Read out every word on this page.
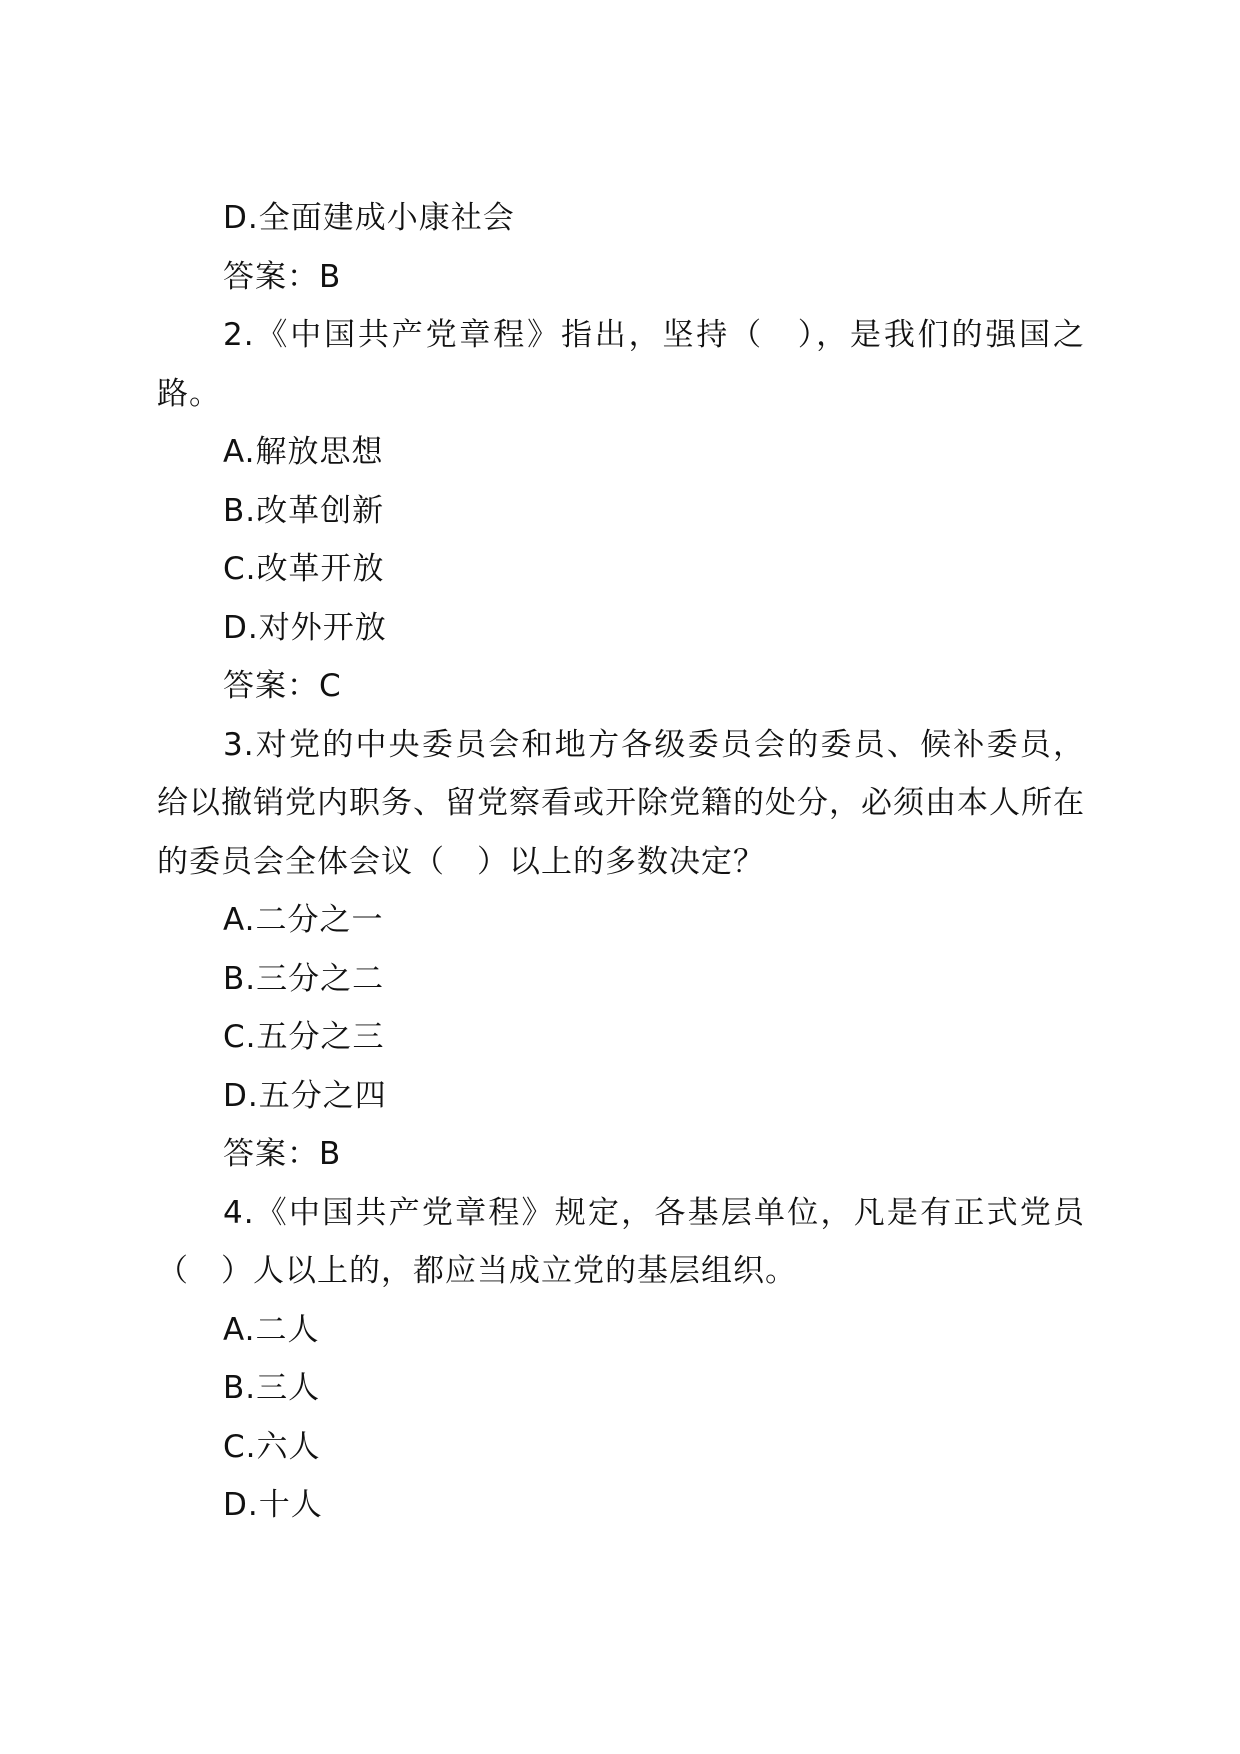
D.全面建成小康社会
答案：B

2.《中国共产党章程》指出，坚持（　），是我们的强国之路。

A.解放思想
B.改革创新
C.改革开放
D.对外开放
答案：C

3.对党的中央委员会和地方各级委员会的委员、候补委员，给以撤销党内职务、留党察看或开除党籍的处分，必须由本人所在的委员会全体会议（　）以上的多数决定？

A.二分之一
B.三分之二
C.五分之三
D.五分之四
答案：B

4.《中国共产党章程》规定，各基层单位，凡是有正式党员（　）人以上的，都应当成立党的基层组织。

A.二人
B.三人
C.六人
D.十人
